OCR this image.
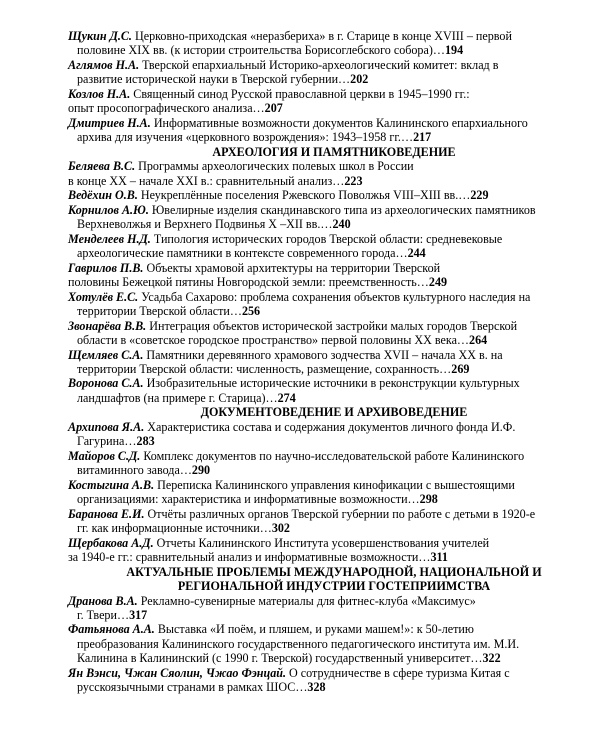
Щукин Д.С. Церковно-приходская «неразбериха» в г. Старице в конце XVIII – первой

половине XIX вв. (к истории строительства Борисоглебского собора)…194

Аглямов Н.А. Тверской епархиальный Историко-археологический комитет: вклад в

развитие исторической науки в Тверской губернии…202

Козлов Н.А. Священный синод Русской православной церкви в 1945–1990 гг.:

опыт просопографического анализа…207

Дмитриев Н.А. Информативные возможности документов Калининского епархиального

архива для изучения «церковного возрождения»: 1943–1958 гг.…217

АРХЕОЛОГИЯ И ПАМЯТНИКОВЕДЕНИЕ

Беляева В.С. Программы археологических полевых школ в России

в конце XX – начале XXI в.: сравнительный анализ…223

Ведёхин О.В. Неукреплённые поселения Ржевского Поволжья VIII–XIII вв.…229

Корнилов А.Ю. Ювелирные изделия скандинавского типа из археологических памятников

Верхневолжья и Верхнего Подвинья X –XII вв.…240

Менделеев Н.Д. Типология исторических городов Тверской области: средневековые

археологические памятники в контексте современного города…244

Гаврилов П.В. Объекты храмовой архитектуры на территории Тверской

половины Бежецкой пятины Новгородской земли: преемственность…249

Хотулёв Е.С. Усадьба Сахарово: проблема сохранения объектов культурного наследия на

территории Тверской области…256

Звонарёва В.В. Интеграция объектов исторической застройки малых городов Тверской

области в «советское городское пространство» первой половины XX века…264

Щемляев С.А. Памятники деревянного храмового зодчества XVII – начала XX в. на

территории Тверской области: численность, размещение, сохранность…269

Воронова С.А. Изобразительные исторические источники в реконструкции культурных

ландшафтов (на примере г. Старица)…274

ДОКУМЕНТОВЕДЕНИЕ И АРХИВОВЕДЕНИЕ

Архипова Я.А. Характеристика состава и содержания документов личного фонда И.Ф.

Гагурина…283

Майоров С.Д. Комплекс документов по научно-исследовательской работе Калининского

витаминного завода…290

Костыгина А.В. Переписка Калининского управления кинофикации с вышестоящими

организациями: характеристика и информативные возможности…298

Баранова Е.И. Отчёты различных органов Тверской губернии по работе с детьми в 1920-е

гг. как информационные источники…302

Щербакова А.Д. Отчеты Калининского Института усовершенствования учителей

за 1940-е гг.: сравнительный анализ и информативные возможности…311

АКТУАЛЬНЫЕ ПРОБЛЕМЫ МЕЖДУНАРОДНОЙ, НАЦИОНАЛЬНОЙ И

РЕГИОНАЛЬНОЙ ИНДУСТРИИ ГОСТЕПРИИМСТВА

Дранова В.А. Рекламно-сувенирные материалы для фитнес-клуба «Максимус»

г. Твери…317

Фатьянова А.А. Выставка «И поём, и пляшем, и руками машем!»: к 50-летию

преобразования Калининского государственного педагогического института им. М.И.

Калинина в Калининский (с 1990 г. Тверской) государственный университет…322

Ян Вэнси, Чжан Сяолин, Чжао Фэнцай. О сотрудничестве в сфере туризма Китая с

русскоязычными странами в рамках ШОС…328
